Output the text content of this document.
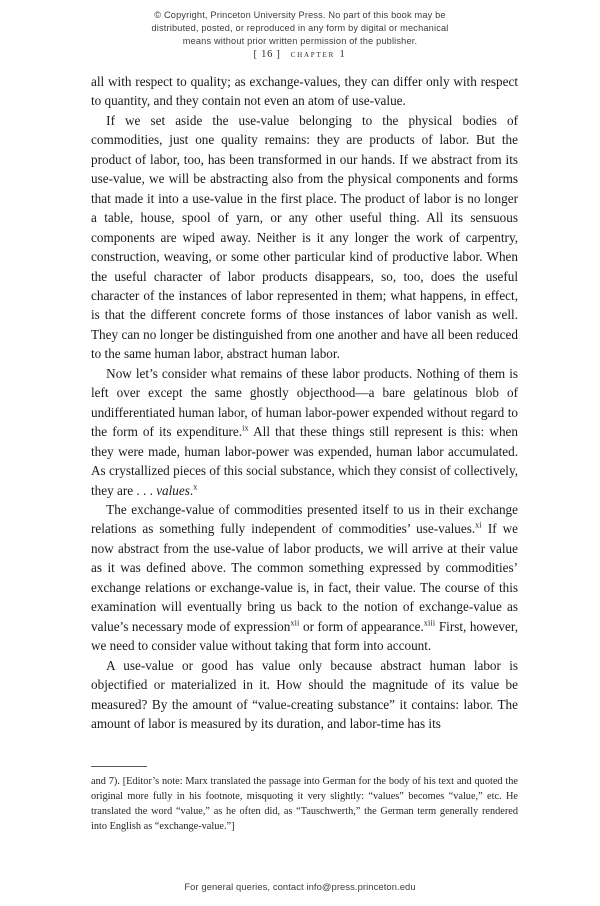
© Copyright, Princeton University Press. No part of this book may be
distributed, posted, or reproduced in any form by digital or mechanical
means without prior written permission of the publisher.
[ 16 ] chapter 1

all with respect to quality; as exchange-values, they can differ only with respect to quantity, and they contain not even an atom of use-value.

If we set aside the use-value belonging to the physical bodies of commodities, just one quality remains: they are products of labor. But the product of labor, too, has been transformed in our hands. If we abstract from its use-value, we will be abstracting also from the physical components and forms that made it into a use-value in the first place. The product of labor is no longer a table, house, spool of yarn, or any other useful thing. All its sensuous components are wiped away. Neither is it any longer the work of carpentry, construction, weaving, or some other particular kind of productive labor. When the useful character of labor products disappears, so, too, does the useful character of the instances of labor represented in them; what happens, in effect, is that the different concrete forms of those instances of labor vanish as well. They can no longer be distinguished from one another and have all been reduced to the same human labor, abstract human labor.

Now let’s consider what remains of these labor products. Nothing of them is left over except the same ghostly objecthood—a bare gelatinous blob of undifferentiated human labor, of human labor-power expended without regard to the form of its expenditure.$^{ix}$ All that these things still represent is this: when they were made, human labor-power was expended, human labor accumulated. As crystallized pieces of this social substance, which they consist of collectively, they are . . . values.$^x$

The exchange-value of commodities presented itself to us in their exchange relations as something fully independent of commodities’ use-values.$^{xi}$ If we now abstract from the use-value of labor products, we will arrive at their value as it was defined above. The common something expressed by commodities’ exchange relations or exchange-value is, in fact, their value. The course of this examination will eventually bring us back to the notion of exchange-value as value’s necessary mode of expression$^{xii}$ or form of appearance.$^{xiii}$ First, however, we need to consider value without taking that form into account.

A use-value or good has value only because abstract human labor is objectified or materialized in it. How should the magnitude of its value be measured? By the amount of “value-creating substance” it contains: labor. The amount of labor is measured by its duration, and labor-time has its

and 7). [Editor’s note: Marx translated the passage into German for the body of his text and quoted the original more fully in his footnote, misquoting it very slightly: “values” becomes “value,” etc. He translated the word “value,” as he often did, as “Tauschwerth,” the German term generally rendered into English as “exchange-value.”]

For general queries, contact info@press.princeton.edu
